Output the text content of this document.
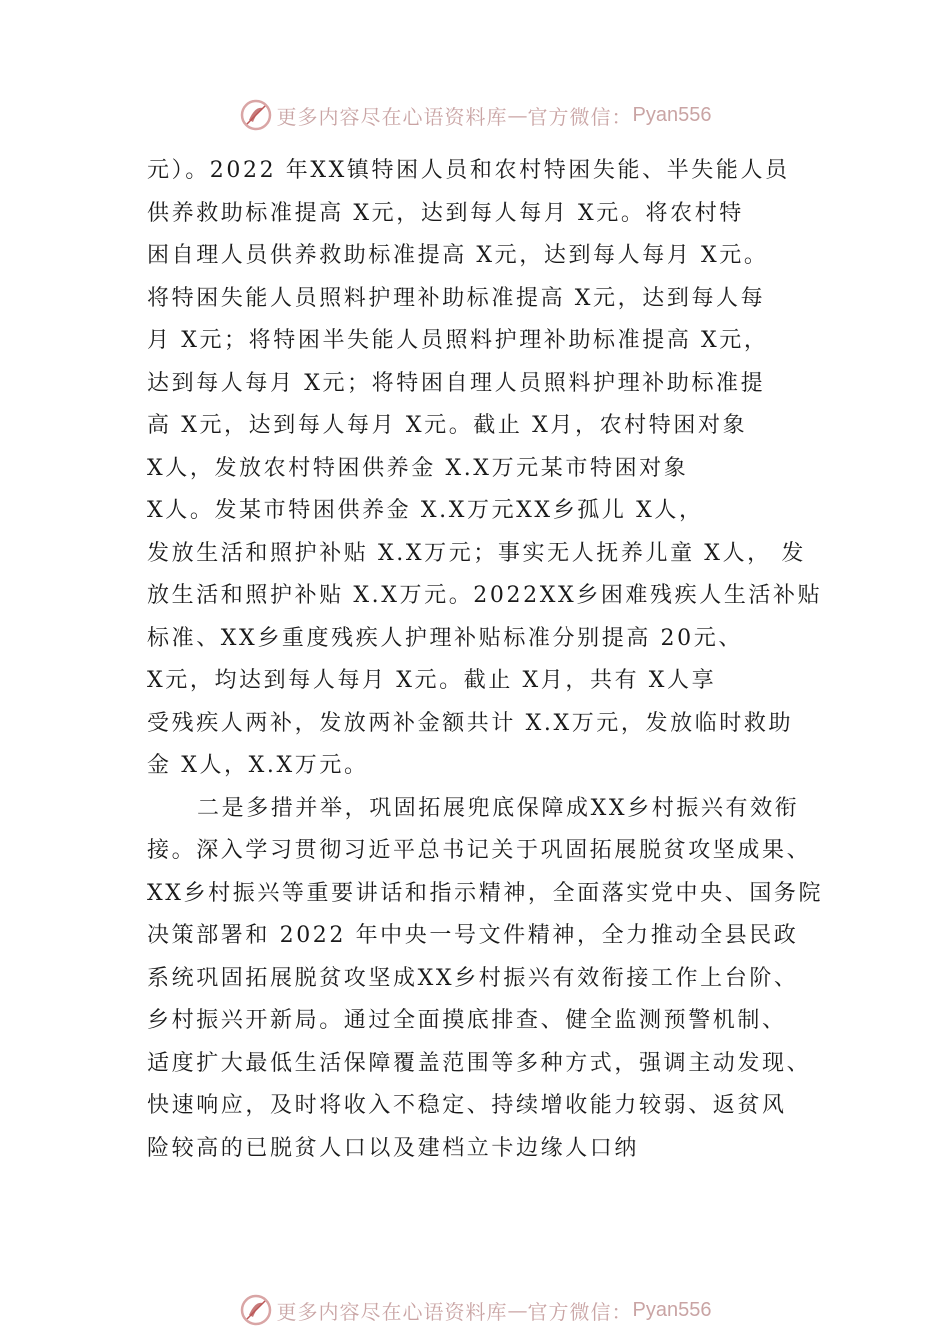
更多内容尽在心语资料库 — 官方微信： Pyan556
元）。2022 年XX镇特困人员和农村特困失能、半失能人员
供养救助标准提高 X元，达到每人每月 X元。将农村特
困自理人员供养救助标准提高 X元，达到每人每月 X元。
将特困失能人员照料护理补助标准提高 X元，达到每人每
月 X元；将特困半失能人员照料护理补助标准提高 X元，
达到每人每月 X元；将特困自理人员照料护理补助标准提
高 X元，达到每人每月 X元。截止 X月，农村特困对象
X人，发放农村特困供养金 X.X万元某市特困对象
X人。发某市特困供养金 X.X万元XX乡孤儿 X人，
发放生活和照护补贴 X.X万元；事实无人抚养儿童 X人， 发
放生活和照护补贴 X.X万元。2022XX乡困难残疾人生活补贴
标准、XX乡重度残疾人护理补贴标准分别提高 20元、
X元，均达到每人每月 X元。截止 X月，共有 X人享
受残疾人两补，发放两补金额共计 X.X万元，发放临时救助
金 X人，X.X万元。
二是多措并举，巩固拓展兜底保障成XX乡村振兴有效衔
接。深入学习贯彻习近平总书记关于巩固拓展脱贫攻坚成果、
XX乡村振兴等重要讲话和指示精神，全面落实党中央、国务院
决策部署和 2022 年中央一号文件精神，全力推动全县民政
系统巩固拓展脱贫攻坚成XX乡村振兴有效衔接工作上台阶、
乡村振兴开新局。通过全面摸底排查、健全监测预警机制、
适度扩大最低生活保障覆盖范围等多种方式，强调主动发现、
快速响应，及时将收入不稳定、持续增收能力较弱、返贫风
险较高的已脱贫人口以及建档立卡边缘人口纳
更多内容尽在心语资料库 — 官方微信： Pyan556
